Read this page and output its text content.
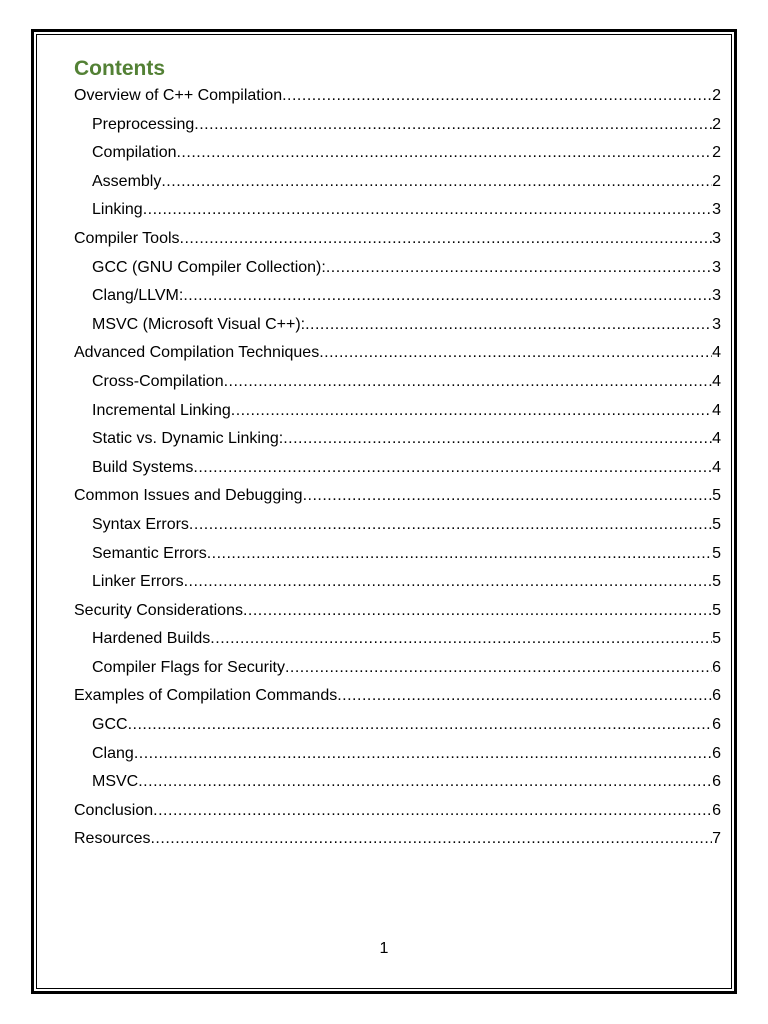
Contents
Overview of C++ Compilation .....	2
Preprocessing .....	2
Compilation .....	2
Assembly .....	2
Linking .....	3
Compiler Tools .....	3
GCC (GNU Compiler Collection): .....	3
Clang/LLVM: .....	3
MSVC (Microsoft Visual C++): .....	3
Advanced Compilation Techniques .....	4
Cross-Compilation .....	4
Incremental Linking .....	4
Static vs. Dynamic Linking: .....	4
Build Systems .....	4
Common Issues and Debugging .....	5
Syntax Errors .....	5
Semantic Errors .....	5
Linker Errors .....	5
Security Considerations .....	5
Hardened Builds .....	5
Compiler Flags for Security .....	6
Examples of Compilation Commands .....	6
GCC .....	6
Clang .....	6
MSVC .....	6
Conclusion .....	6
Resources .....	7
1
